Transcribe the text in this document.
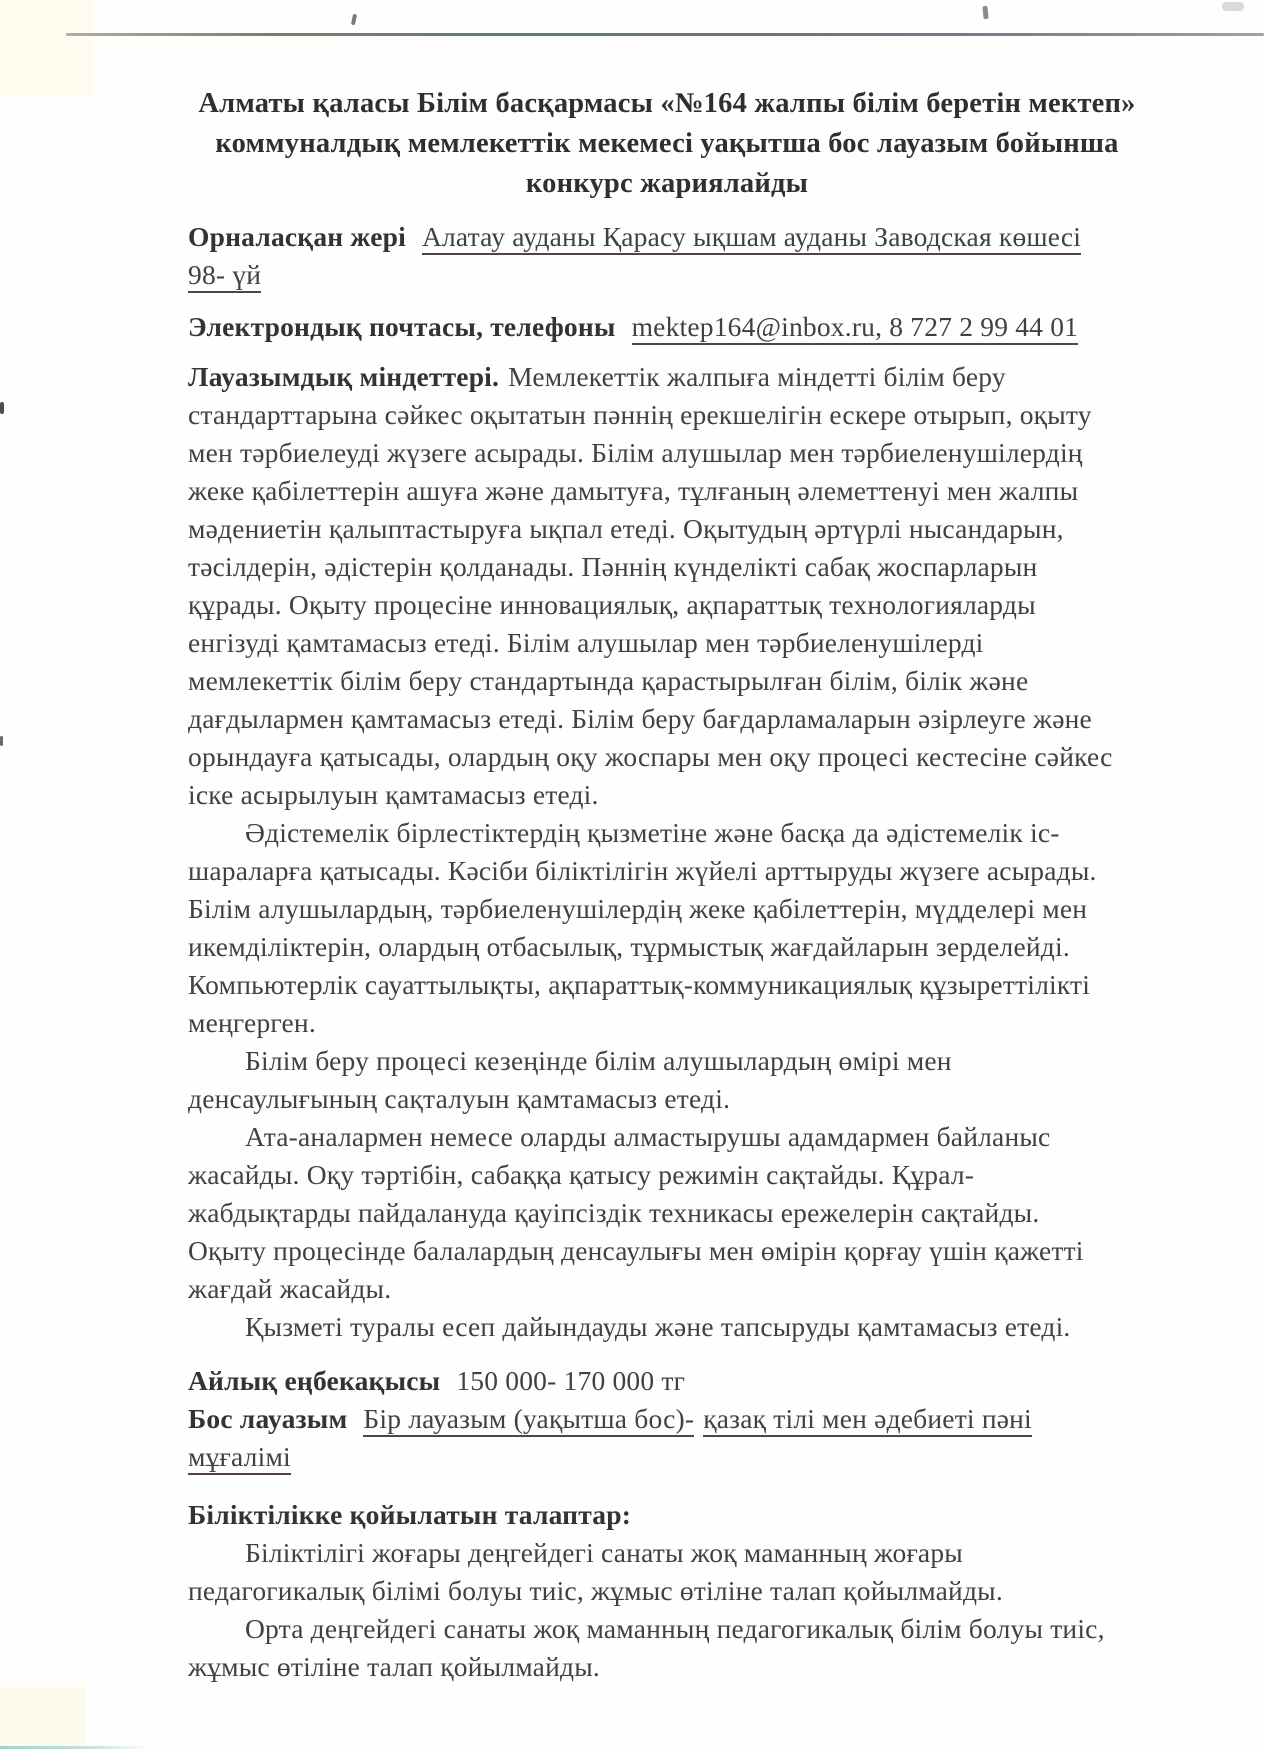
Алматы қаласы Білім басқармасы «№164 жалпы білім беретін мектеп»
коммуналдық мемлекеттік мекемесі уақытша бос лауазым бойынша
конкурс жариялайды
Орналасқан жері Алатау ауданы Қарасу ықшам ауданы Заводская көшесі
98- үй
Электрондық почтасы, телефоны mektep164@inbox.ru, 8 727 2 99 44 01
Лауазымдық міндеттері. Мемлекеттік жалпыға міндетті білім беру
стандарттарына сәйкес оқытатын пәннің ерекшелігін ескере отырып, оқыту
мен тәрбиелеуді жүзеге асырады. Білім алушылар мен тәрбиеленушілердің
жеке қабілеттерін ашуға және дамытуға, тұлғаның әлеметтенуі мен жалпы
мәдениетін қалыптастыруға ықпал етеді. Оқытудың әртүрлі нысандарын,
тәсілдерін, әдістерін қолданады. Пәннің күнделікті сабақ жоспарларын
құрады. Оқыту процесіне инновациялық, ақпараттық технологияларды
енгізуді қамтамасыз етеді. Білім алушылар мен тәрбиеленушілерді
мемлекеттік білім беру стандартында қарастырылған білім, білік және
дағдылармен қамтамасыз етеді. Білім беру бағдарламаларын әзірлеуге және
орындауға қатысады, олардың оқу жоспары мен оқу процесі кестесіне сәйкес
іске асырылуын қамтамасыз етеді.
Әдістемелік бірлестіктердің қызметіне және басқа да әдістемелік іс-
шараларға қатысады. Кәсіби біліктілігін жүйелі арттыруды жүзеге асырады.
Білім алушылардың, тәрбиеленушілердің жеке қабілеттерін, мүдделері мен
икемділіктерін, олардың отбасылық, тұрмыстық жағдайларын зерделейді.
Компьютерлік сауаттылықты, ақпараттық-коммуникациялық құзыреттілікті
меңгерген.
Білім беру процесі кезеңінде білім алушылардың өмірі мен
денсаулығының сақталуын қамтамасыз етеді.
Ата-аналармен немесе оларды алмастырушы адамдармен байланыс
жасайды. Оқу тәртібін, сабаққа қатысу режимін сақтайды. Құрал-
жабдықтарды пайдалануда қауіпсіздік техникасы ережелерін сақтайды.
Оқыту процесінде балалардың денсаулығы мен өмірін қорғау үшін қажетті
жағдай жасайды.
Қызметі туралы есеп дайындауды және тапсыруды қамтамасыз етеді.
Айлық еңбекақысы 150 000- 170 000 тг
Бос лауазым Бір лауазым (уақытша бос)- қазақ тілі мен әдебиеті пәні
мұғалімі
Біліктілікке қойылатын талаптар:
Біліктілігі жоғары деңгейдегі санаты жоқ маманның жоғары
педагогикалық білімі болуы тиіс, жұмыс өтіліне талап қойылмайды.
Орта деңгейдегі санаты жоқ маманның педагогикалық білім болуы тиіс,
жұмыс өтіліне талап қойылмайды.
